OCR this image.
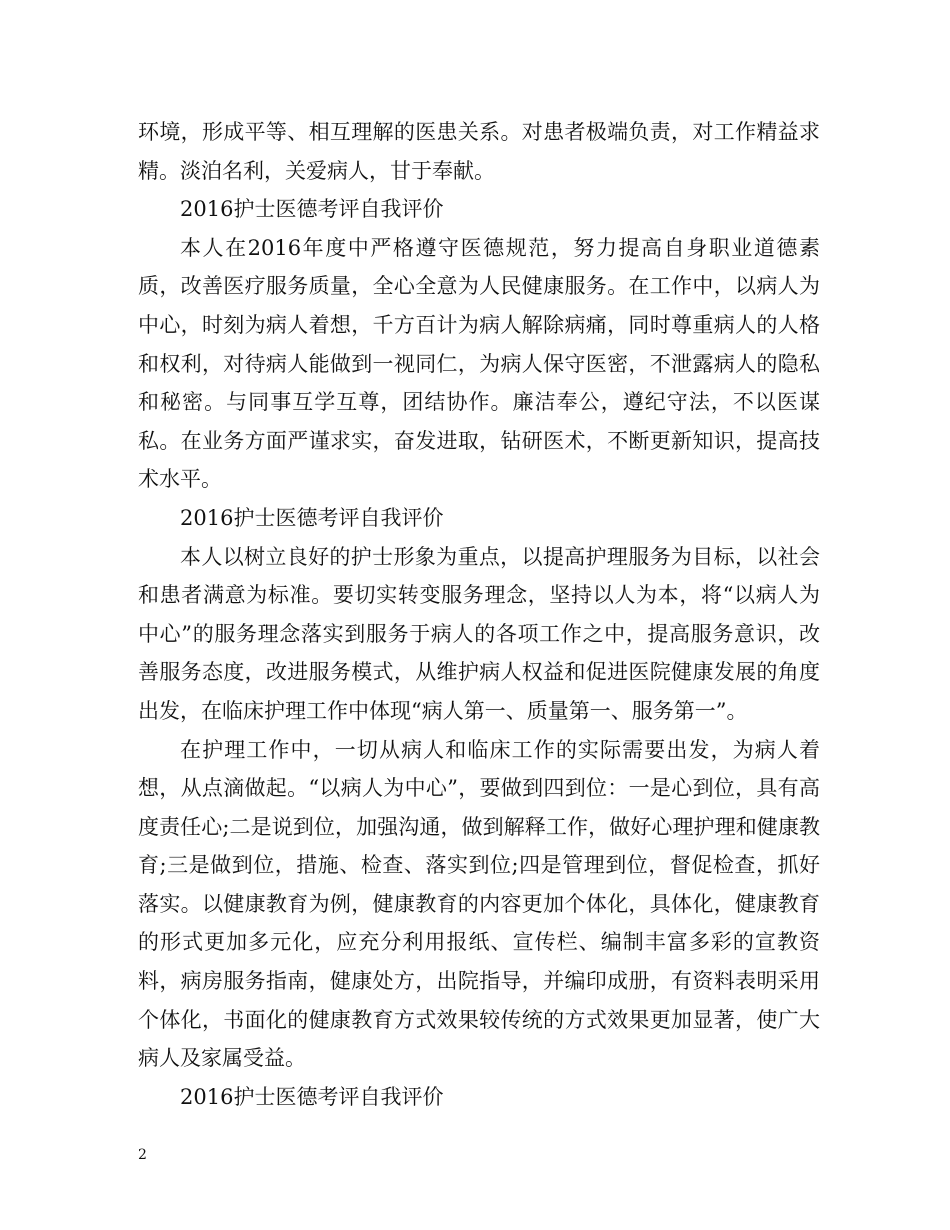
环境，形成平等、相互理解的医患关系。对患者极端负责，对工作精益求精。淡泊名利，关爱病人，甘于奉献。

2016护士医德考评自我评价

本人在2016年度中严格遵守医德规范，努力提高自身职业道德素质，改善医疗服务质量，全心全意为人民健康服务。在工作中，以病人为中心，时刻为病人着想，千方百计为病人解除病痛，同时尊重病人的人格和权利，对待病人能做到一视同仁，为病人保守医密，不泄露病人的隐私和秘密。与同事互学互尊，团结协作。廉洁奉公，遵纪守法，不以医谋私。在业务方面严谨求实，奋发进取，钻研医术，不断更新知识，提高技术水平。

2016护士医德考评自我评价

本人以树立良好的护士形象为重点，以提高护理服务为目标，以社会和患者满意为标准。要切实转变服务理念，坚持以人为本，将“以病人为中心”的服务理念落实到服务于病人的各项工作之中，提高服务意识，改善服务态度，改进服务模式，从维护病人权益和促进医院健康发展的角度出发，在临床护理工作中体现“病人第一、质量第一、服务第一”。

在护理工作中，一切从病人和临床工作的实际需要出发，为病人着想，从点滴做起。“以病人为中心”，要做到四到位：一是心到位，具有高度责任心;二是说到位，加强沟通，做到解释工作，做好心理护理和健康教育;三是做到位，措施、检查、落实到位;四是管理到位，督促检查，抓好落实。以健康教育为例，健康教育的内容更加个体化，具体化，健康教育的形式更加多元化，应充分利用报纸、宣传栏、编制丰富多彩的宣教资料，病房服务指南，健康处方，出院指导，并编印成册，有资料表明采用个体化，书面化的健康教育方式效果较传统的方式效果更加显著，使广大病人及家属受益。

2016护士医德考评自我评价

2
